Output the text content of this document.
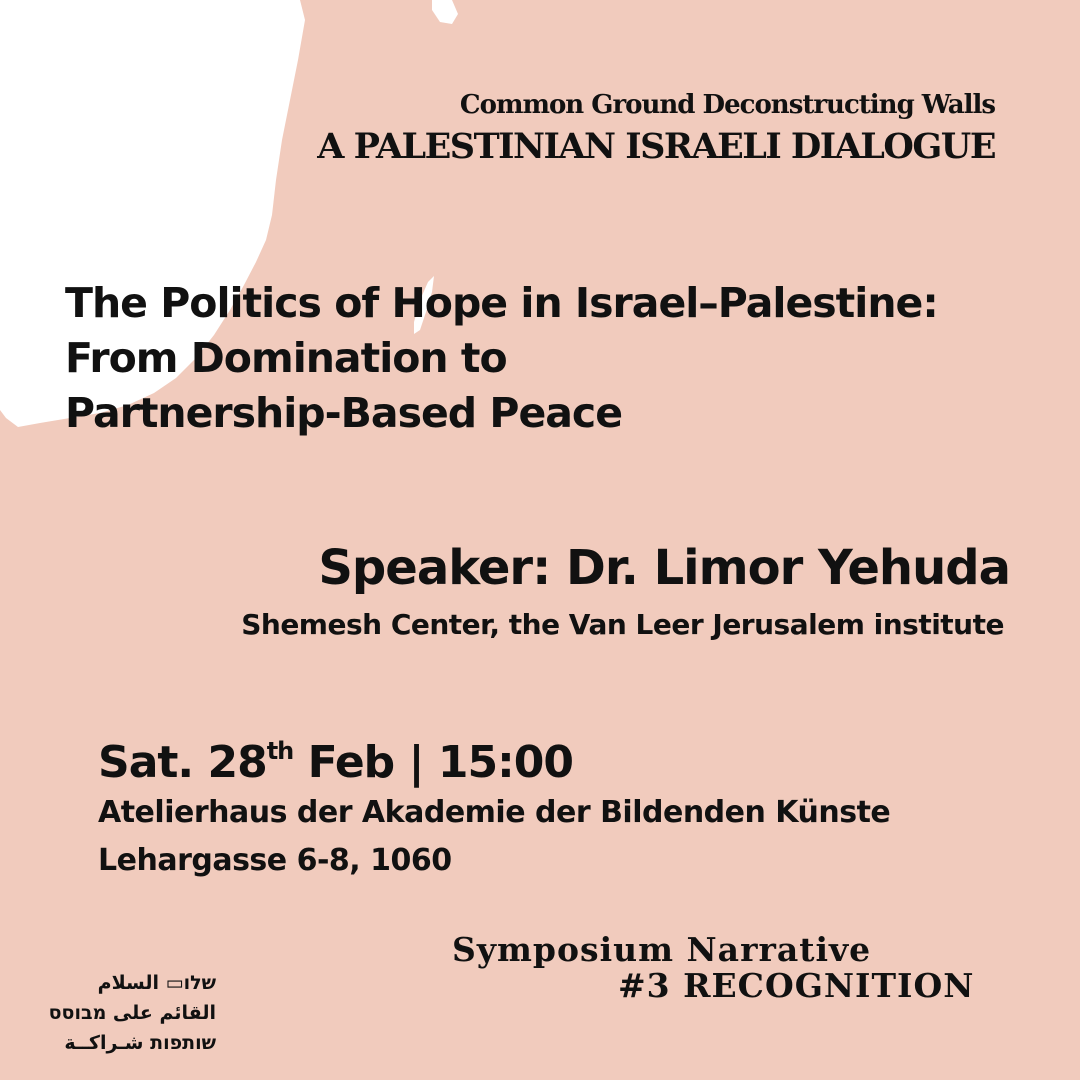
Common Ground Deconstructing Walls
A PALESTINIAN ISRAELI DIALOGUE
The Politics of Hope in Israel–Palestine:
From Domination to
Partnership-Based Peace
Speaker: Dr. Limor Yehuda
Shemesh Center, the Van Leer Jerusalem institute
Sat. 28th Feb | 15:00
Atelierhaus der Akademie der Bildenden Künste
Lehargasse 6-8, 1060
Symposium Narrative
#3 RECOGNITION
שלו▭ السلام
القائم على מבוסס
שותפות شـراكــة
